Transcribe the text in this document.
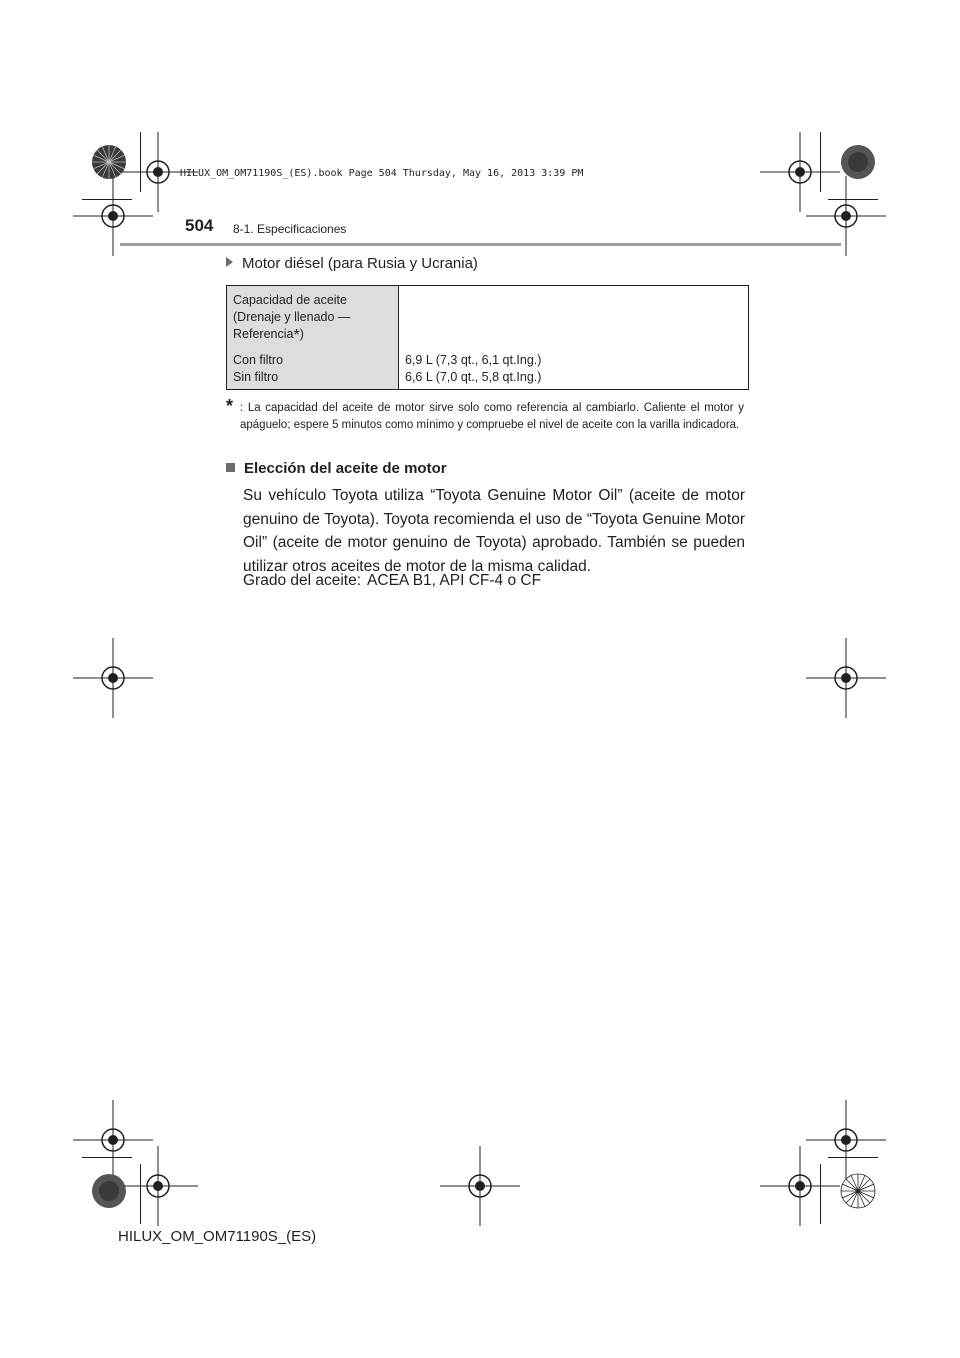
HILUX_OM_OM71190S_(ES).book Page 504 Thursday, May 16, 2013 3:39 PM
504 8-1. Especificaciones
Motor diésel (para Rusia y Ucrania)
Capacidad de aceite
(Drenaje y llenado —
Referencia*)
Con filtro
Sin filtro
6,9 L (7,3 qt., 6,1 qt.Ing.)
6,6 L (7,0 qt., 5,8 qt.Ing.)
* : La capacidad del aceite de motor sirve solo como referencia al cambiarlo. Caliente el motor y apáguelo; espere 5 minutos como mínimo y compruebe el nivel de aceite con la varilla indicadora.
Elección del aceite de motor
Su vehículo Toyota utiliza “Toyota Genuine Motor Oil” (aceite de motor genuino de Toyota). Toyota recomienda el uso de “Toyota Genuine Motor Oil” (aceite de motor genuino de Toyota) aprobado. También se pueden utilizar otros aceites de motor de la misma calidad.
Grado del aceite: ACEA B1, API CF-4 o CF
HILUX_OM_OM71190S_(ES)
